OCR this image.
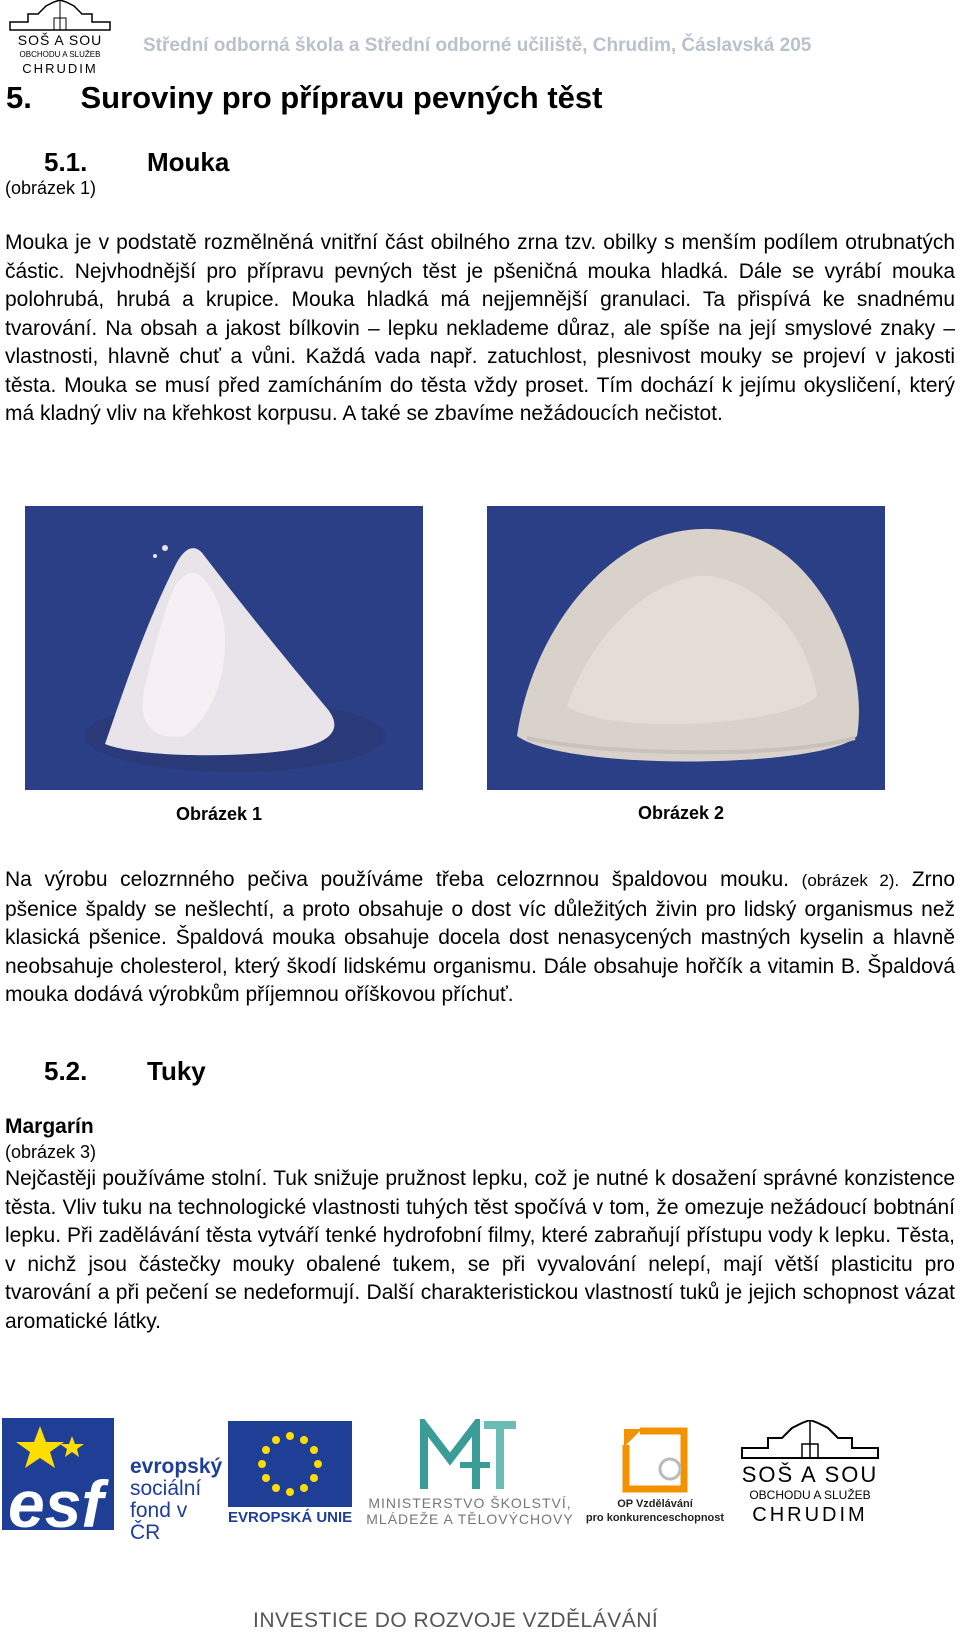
SOŠ A SOU
OBCHODU A SLUŽEB
CHRUDIM
Střední odborná škola a Střední odborné učiliště, Chrudim, Čáslavská 205
5. Suroviny pro přípravu pevných těst
5.1. Mouka
(obrázek 1)
Mouka je v podstatě rozmělněná vnitřní část obilného zrna tzv. obilky s menším podílem otrubnatých částic. Nejvhodnější pro přípravu pevných těst je pšeničná mouka hladká. Dále se vyrábí mouka polohrubá, hrubá a krupice. Mouka hladká má nejjemnější granulaci. Ta přispívá ke snadnému tvarování. Na obsah a jakost bílkovin – lepku neklademe důraz, ale spíše na její smyslové znaky – vlastnosti, hlavně chuť a vůni. Každá vada např. zatuchlost, plesnivost mouky se projeví v jakosti těsta. Mouka se musí před zamícháním do těsta vždy proset. Tím dochází k jejímu okysličení, který má kladný vliv na křehkost korpusu. A také se zbavíme nežádoucích nečistot.
Obrázek 1	Obrázek 2
Na výrobu celozrnného pečiva používáme třeba celozrnnou špaldovou mouku. (obrázek 2). Zrno pšenice špaldy se nešlechtí, a proto obsahuje o dost víc důležitých živin pro lidský organismus než klasická pšenice. Špaldová mouka obsahuje docela dost nenasycených mastných kyselin a hlavně neobsahuje cholesterol, který škodí lidskému organismu. Dále obsahuje hořčík a vitamin B. Špaldová mouka dodává výrobkům příjemnou oříškovou příchuť.
5.2. Tuky
Margarín
(obrázek 3)
Nejčastěji používáme stolní. Tuk snižuje pružnost lepku, což je nutné k dosažení správné konzistence těsta. Vliv tuku na technologické vlastnosti tuhých těst spočívá v tom, že omezuje nežádoucí bobtnání lepku. Při zadělávání těsta vytváří tenké hydrofobní filmy, které zabraňují přístupu vody k lepku. Těsta, v nichž jsou částečky mouky obalené tukem, se při vyvalování nelepí, mají větší plasticitu pro tvarování a při pečení se nedeformují. Další charakteristickou vlastností tuků je jejich schopnost vázat aromatické látky.
esf
evropský
sociální
fond v ČR
EVROPSKÁ UNIE
MINISTERSTVO ŠKOLSTVÍ,
MLÁDEŽE A TĚLOVÝCHOVY
OP Vzdělávání
pro konkurenceschopnost
SOŠ A SOU
OBCHODU A SLUŽEB
CHRUDIM
INVESTICE DO ROZVOJE VZDĚLÁVÁNÍ
